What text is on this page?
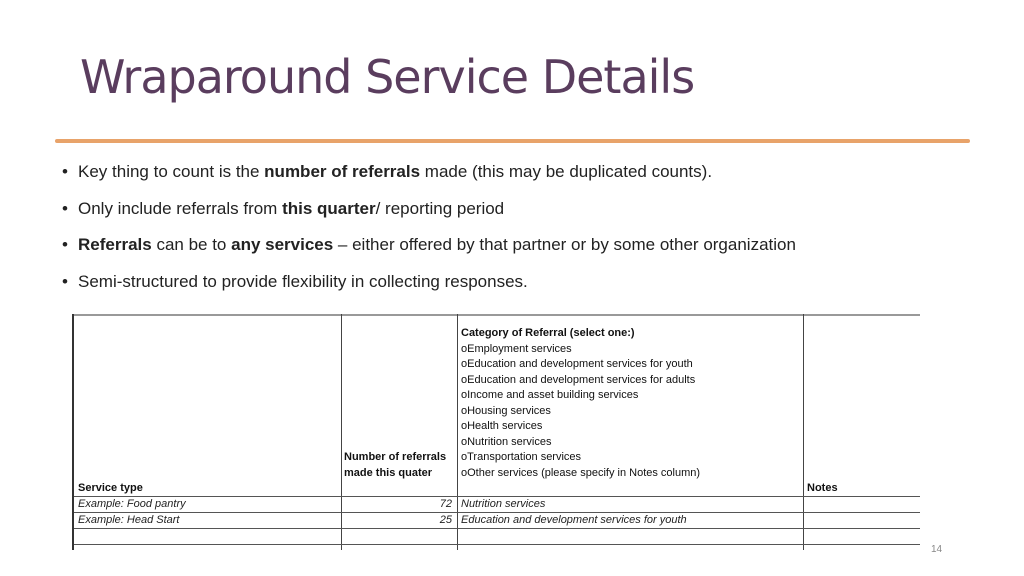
Wraparound Service Details
• Key thing to count is the number of referrals made (this may be duplicated counts).
• Only include referrals from this quarter/ reporting period
• Referrals can be to any services – either offered by that partner or by some other organization
• Semi-structured to provide flexibility in collecting responses.
Service type
Number of referrals made this quater
Category of Referral (select one:)
oEmployment services
oEducation and development services for youth
oEducation and development services for adults
oIncome and asset building services
oHousing services
oHealth services
oNutrition services
oTransportation services
oOther services (please specify in Notes column)
Notes
Example: Food pantry	72 Nutrition services
Example: Head Start	25 Education and development services for youth
14
